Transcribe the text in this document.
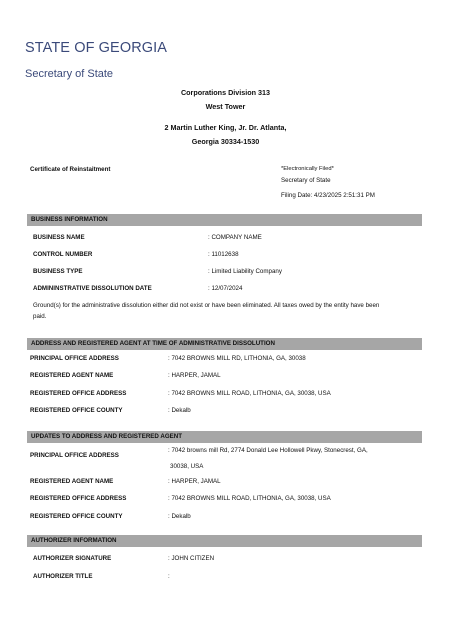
STATE OF GEORGIA
Secretary of State
Corporations Division 313
West Tower
2 Martin Luther King, Jr. Dr. Atlanta,
Georgia 30334-1530
Certificate of Reinstaitment	*Electronically Filed*
Secretary of State
Filing Date: 4/23/2025 2:51:31 PM
BUSINESS INFORMATION
BUSINESS NAME	: COMPANY NAME
CONTROL NUMBER	: 11012638
BUSINESS TYPE	: Limited Liability Company
ADMININSTRATIVE DISSOLUTION DATE	: 12/07/2024
Ground(s) for the administrative dissolution either did not exist or have been eliminated. All taxes owed by the entity have been
paid.
ADDRESS AND REGISTERED AGENT AT TIME OF ADMINISTRATIVE DISSOLUTION
PRINCIPAL OFFICE ADDRESS	: 7042 BROWNS MILL RD, LITHONIA, GA, 30038
REGISTERED AGENT NAME	: HARPER, JAMAL
REGISTERED OFFICE ADDRESS	: 7042 BROWNS MILL ROAD, LITHONIA, GA, 30038, USA
REGISTERED OFFICE COUNTY	: Dekalb
UPDATES TO ADDRESS AND REGISTERED AGENT
PRINCIPAL OFFICE ADDRESS
: 7042 browns mill Rd, 2774 Donald Lee Hollowell Pkwy, Stonecrest, GA,
30038, USA
REGISTERED AGENT NAME	: HARPER, JAMAL
REGISTERED OFFICE ADDRESS	: 7042 BROWNS MILL ROAD, LITHONIA, GA, 30038, USA
REGISTERED OFFICE COUNTY	: Dekalb
AUTHORIZER INFORMATION
AUTHORIZER SIGNATURE	: JOHN CITIZEN
AUTHORIZER TITLE	:
